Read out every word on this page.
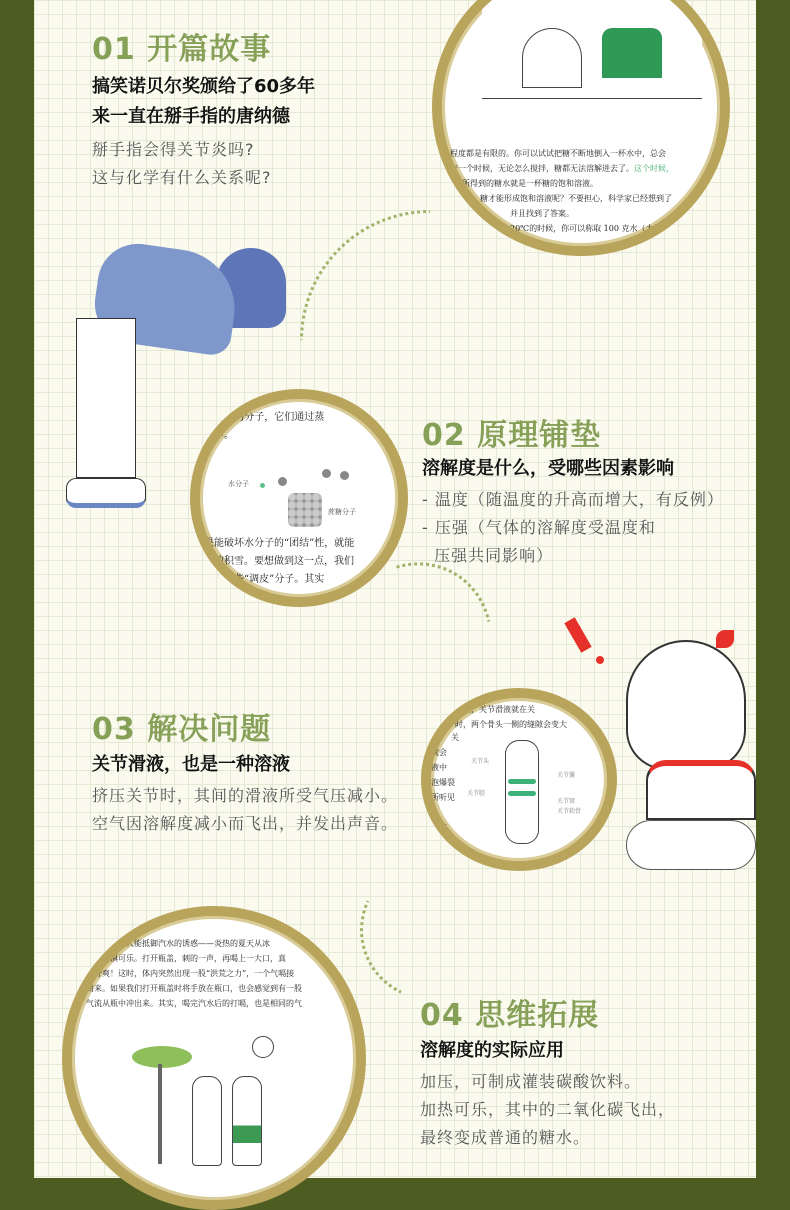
01 开篇故事
搞笑诺贝尔奖颁给了60多年
来一直在掰手指的唐纳德
掰手指会得关节炎吗?
这与化学有什么关系呢?

程度都是有限的。你可以试试把糖不断地倒入一杯水中，总会

有一个时候，无论怎么搅拌，糖都无法溶解进去了。这个时候，

所得到的糖水就是一杯糖的饱和溶液。

糖才能形成饱和溶液呢？不要担心，科学家已经想到了

并且找到了答案。

20℃的时候，你可以称取 100 克水（大概

“自由”的分子，它们通过蒸

气中。

水分子
蔗糖分子

果能破坏水分子的“团结”性，就能

的积雪。要想做到这一点，我们

些“调皮”分子。其实

02 原理铺垫
溶解度是什么，受哪些因素影响
- 温度（随温度的升高而增大，有反例）
- 压强（气体的溶解度受温度和
压强共同影响）
03 解决问题
关节滑液，也是一种溶液
挤压关节时，其间的滑液所受气压减小。
空气因溶解度减小而飞出，并发出声音。

节腔，关节滑液就在关

时，两个骨头一侧的缝隙会变大

关

就会

液中

泡爆裂

所听见

关节

以

关节头
关节腔
关节囊
关节窝
关节软骨

很少有人能抵御汽水的诱惑——炎热的夏天从冰

一瓶冰镇可乐。打开瓶盖，刺的一声，再喝上一大口，真

凉舒爽！这时，体内突然出现一股“洪荒之力”，一个气嗝接

而来。如果我们打开瓶盖时将手放在瓶口，也会感觉到有一股

气流从瓶中冲出来。其实，喝完汽水后的打嗝，也是相同的气	04 思维拓展
溶解度的实际应用
加压，可制成灌装碳酸饮料。
加热可乐，其中的二氧化碳飞出，
最终变成普通的糖水。
